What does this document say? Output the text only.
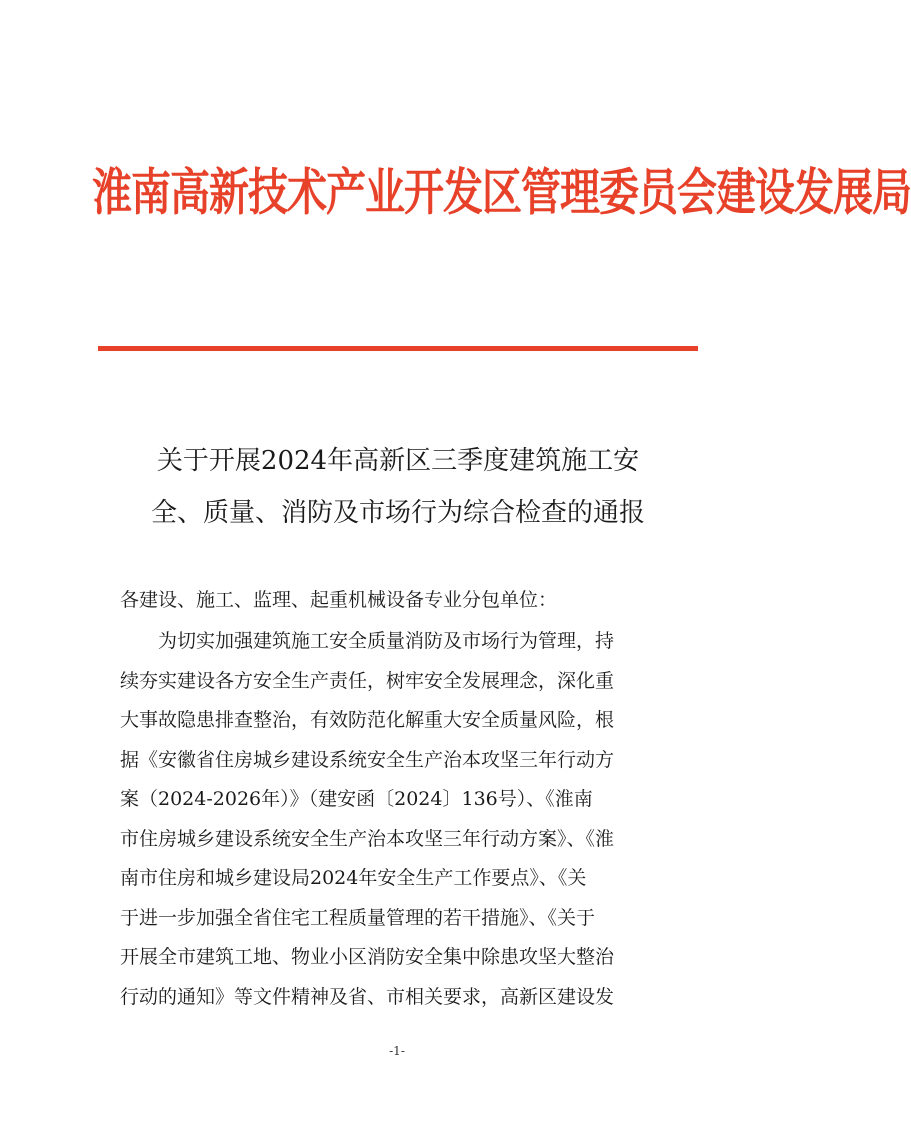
淮南高新技术产业开发区管理委员会建设发展局
关于开展2024年高新区三季度建筑施工安
全、质量、消防及市场行为综合检查的通报
各建设、施工、监理、起重机械设备专业分包单位：
　　为切实加强建筑施工安全质量消防及市场行为管理，持
续夯实建设各方安全生产责任，树牢安全发展理念，深化重
大事故隐患排查整治，有效防范化解重大安全质量风险，根
据《安徽省住房城乡建设系统安全生产治本攻坚三年行动方
案（2024-2026年）》（建安函〔2024〕136号）、《淮南
市住房城乡建设系统安全生产治本攻坚三年行动方案》、《淮
南市住房和城乡建设局2024年安全生产工作要点》、《关
于进一步加强全省住宅工程质量管理的若干措施》、《关于
开展全市建筑工地、物业小区消防安全集中除患攻坚大整治
行动的通知》等文件精神及省、市相关要求，高新区建设发
-1-
